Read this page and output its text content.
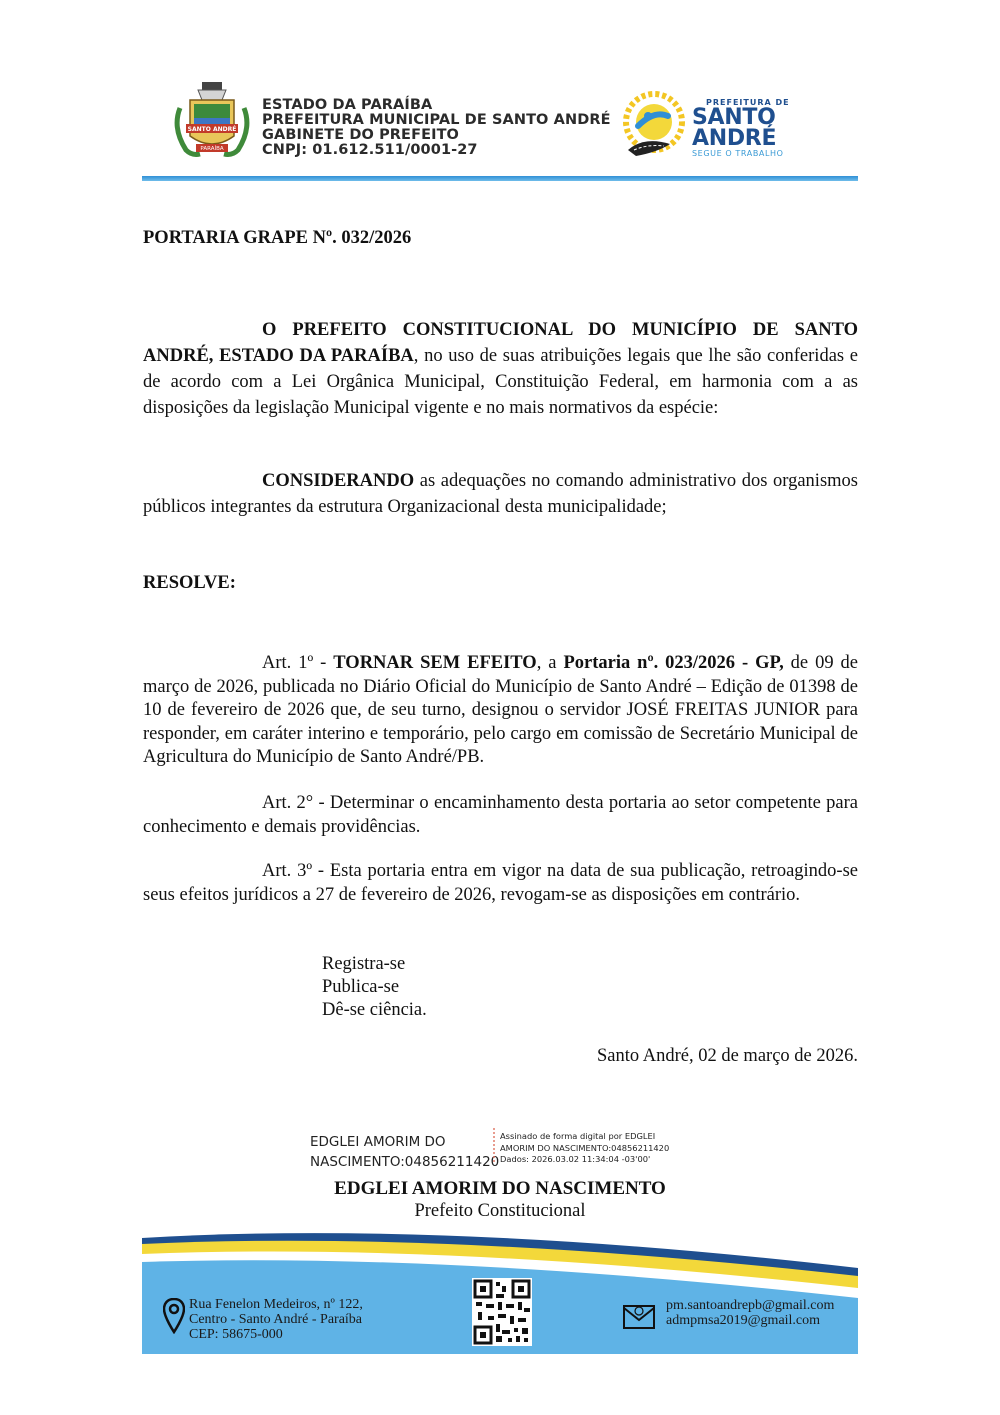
SANTO ANDRÉ
PARAÍBA
ESTADO DA PARAÍBA
PREFEITURA MUNICIPAL DE SANTO ANDRÉ
GABINETE DO PREFEITO
CNPJ: 01.612.511/0001-27
PREFEITURA DE
SANTO
ANDRÉ
SEGUE O TRABALHO
PORTARIA GRAPE Nº. 032/2026
O PREFEITO CONSTITUCIONAL DO MUNICÍPIO DE SANTO ANDRÉ, ESTADO DA PARAÍBA, no uso de suas atribuições legais que lhe são conferidas e de acordo com a Lei Orgânica Municipal, Constituição Federal, em harmonia com a as disposições da legislação Municipal vigente e no mais normativos da espécie:
CONSIDERANDO as adequações no comando administrativo dos organismos públicos integrantes da estrutura Organizacional desta municipalidade;
RESOLVE:
Art. 1º - TORNAR SEM EFEITO, a Portaria nº. 023/2026 - GP, de 09 de março de 2026, publicada no Diário Oficial do Município de Santo André – Edição de 01398 de 10 de fevereiro de 2026 que, de seu turno, designou o servidor JOSÉ FREITAS JUNIOR para responder, em caráter interino e temporário, pelo cargo em comissão de Secretário Municipal de Agricultura do Município de Santo André/PB.
Art. 2° - Determinar o encaminhamento desta portaria ao setor competente para conhecimento e demais providências.
Art. 3º - Esta portaria entra em vigor na data de sua publicação, retroagindo-se seus efeitos jurídicos a 27 de fevereiro de 2026, revogam-se as disposições em contrário.
Registra-se
Publica-se
Dê-se ciência.
Santo André, 02 de março de 2026.
EDGLEI AMORIM DO
NASCIMENTO:04856211420
Assinado de forma digital por EDGLEI
AMORIM DO NASCIMENTO:04856211420
Dados: 2026.03.02 11:34:04 -03'00'
EDGLEI AMORIM DO NASCIMENTO
Prefeito Constitucional
Rua Fenelon Medeiros, nº 122,
Centro - Santo André - Paraíba
CEP: 58675-000
pm.santoandrepb@gmail.com
admpmsa2019@gmail.com
